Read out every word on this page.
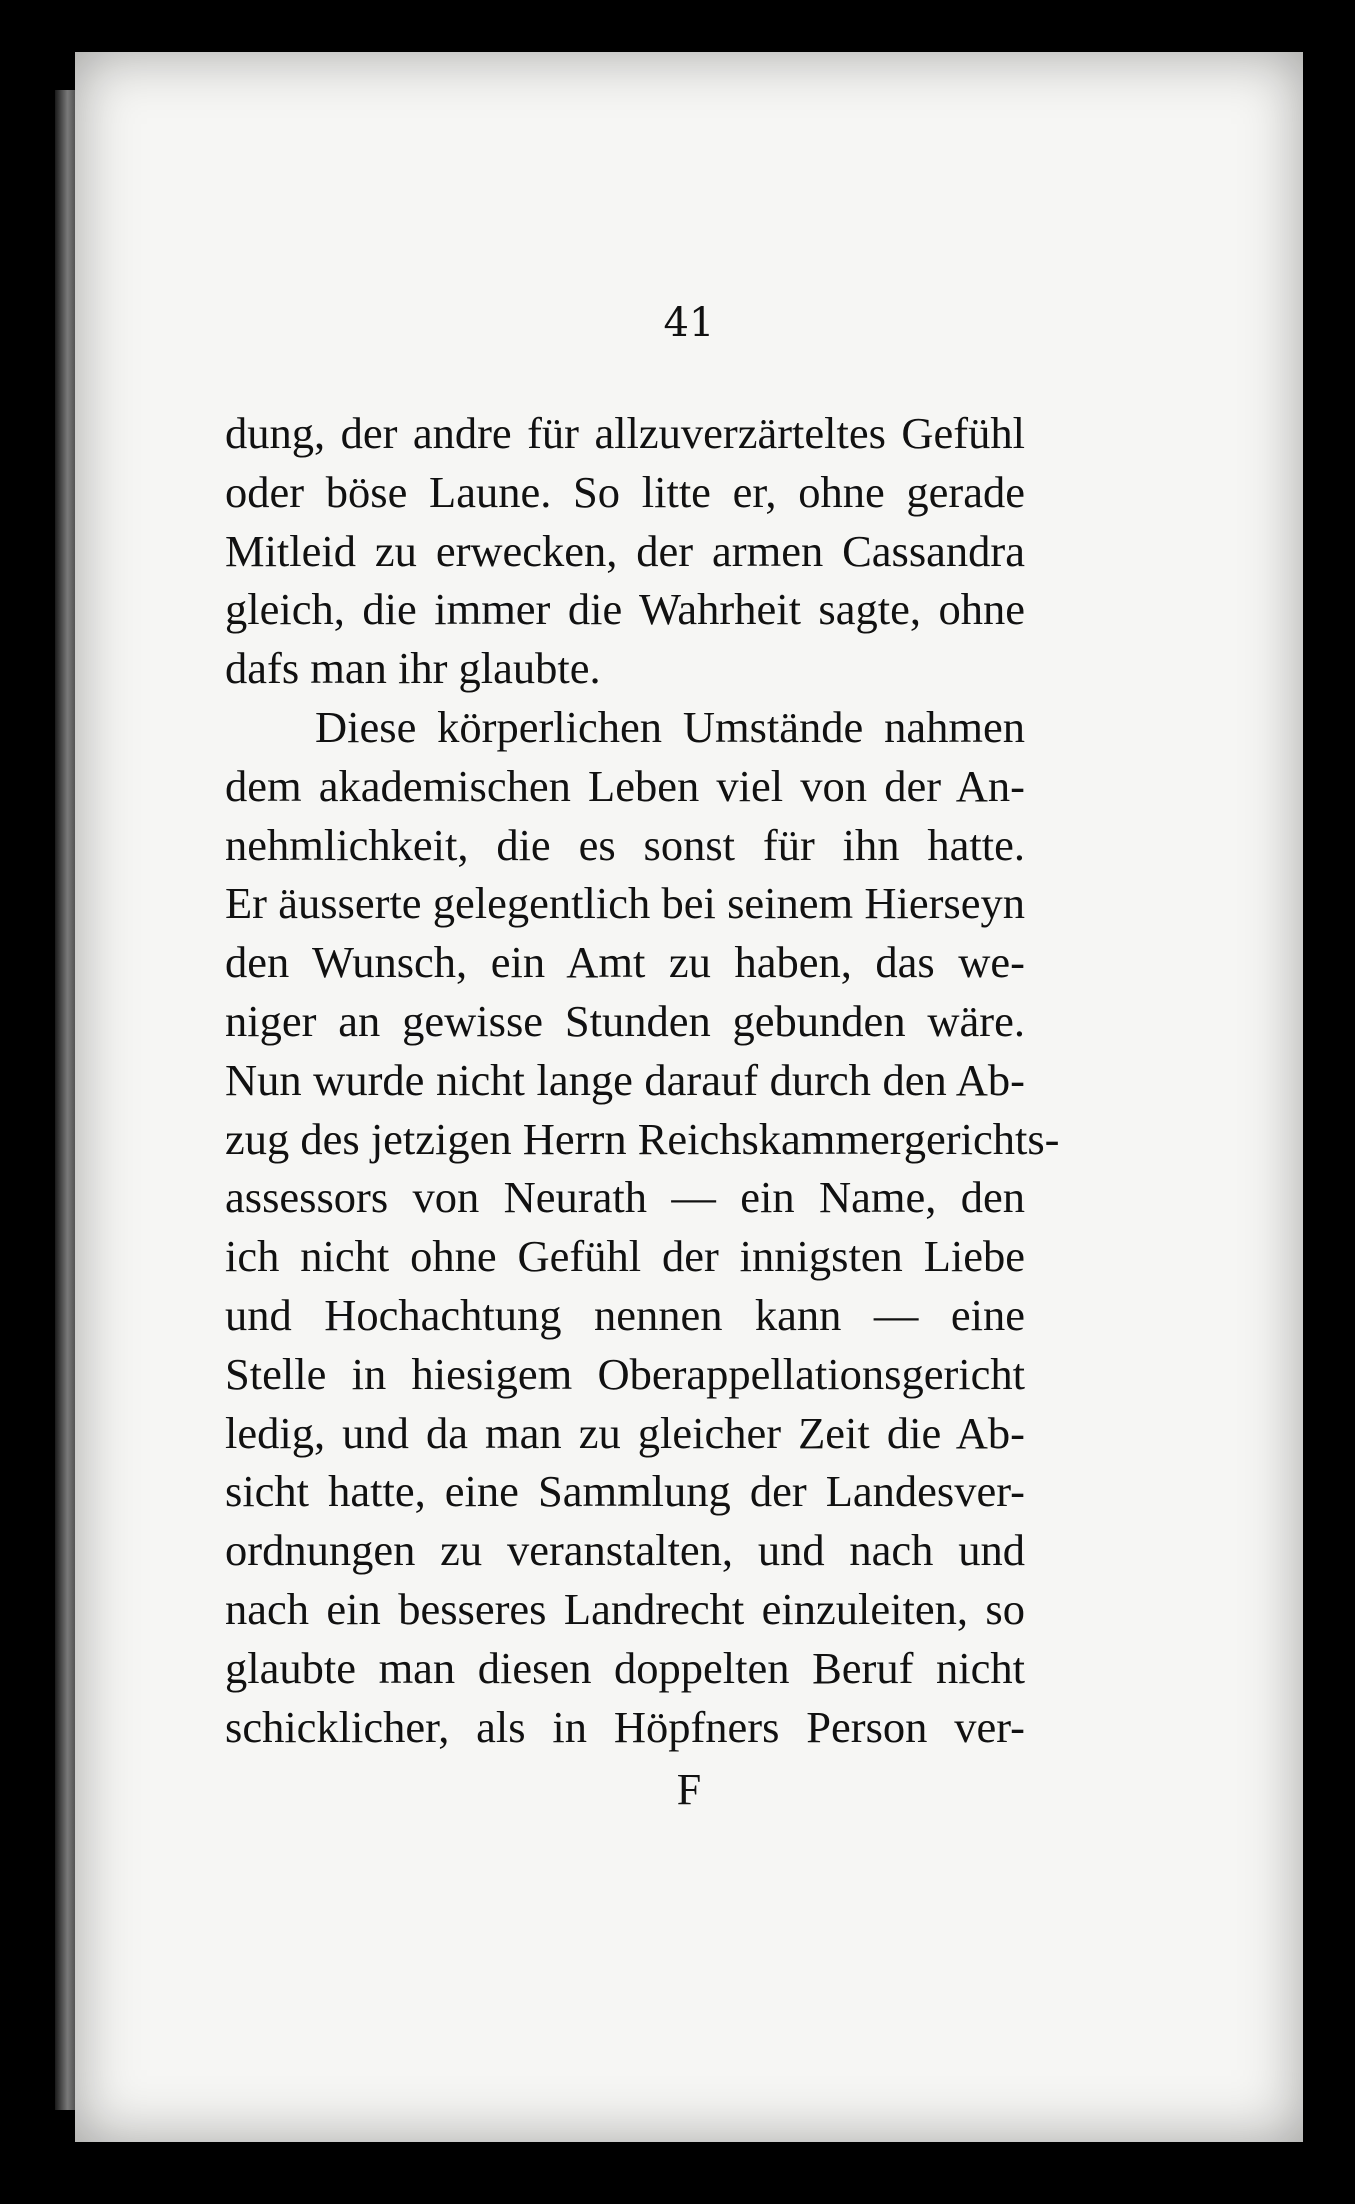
41
dung, der andre für allzuverzärteltes Gefühl
oder böse Laune. So litte er, ohne gerade
Mitleid zu erwecken, der armen Cassandra
gleich, die immer die Wahrheit sagte, ohne
dafs man ihr glaubte.
Diese körperlichen Umstände nahmen
dem akademischen Leben viel von der An-
nehmlichkeit, die es sonst für ihn hatte.
Er äusserte gelegentlich bei seinem Hierseyn
den Wunsch, ein Amt zu haben, das we-
niger an gewisse Stunden gebunden wäre.
Nun wurde nicht lange darauf durch den Ab-
zug des jetzigen Herrn Reichskammergerichts-
assessors von Neurath — ein Name, den
ich nicht ohne Gefühl der innigsten Liebe
und Hochachtung nennen kann — eine
Stelle in hiesigem Oberappellationsgericht
ledig, und da man zu gleicher Zeit die Ab-
sicht hatte, eine Sammlung der Landesver-
ordnungen zu veranstalten, und nach und
nach ein besseres Landrecht einzuleiten, so
glaubte man diesen doppelten Beruf nicht
schicklicher, als in Höpfners Person ver-
F
